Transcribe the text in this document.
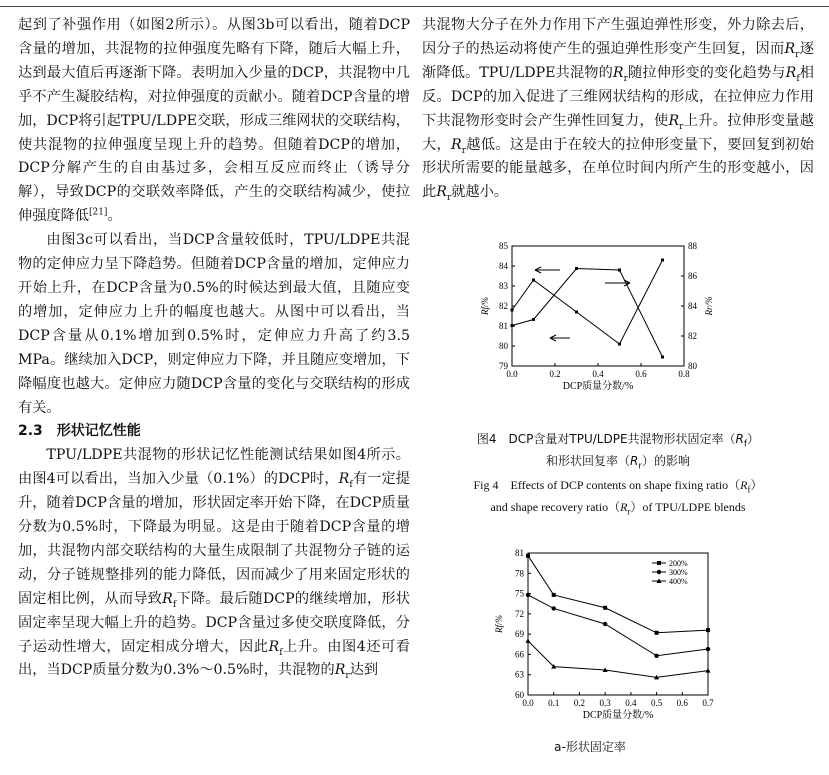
起到了补强作用（如图2所示）。从图3b可以看出，随着DCP含量的增加，共混物的拉伸强度先略有下降，随后大幅上升，达到最大值后再逐渐下降。表明加入少量的DCP，共混物中几乎不产生凝胶结构，对拉伸强度的贡献小。随着DCP含量的增加，DCP将引起TPU/LDPE交联，形成三维网状的交联结构，使共混物的拉伸强度呈现上升的趋势。但随着DCP的增加，DCP分解产生的自由基过多，会相互反应而终止（诱导分解），导致DCP的交联效率降低，产生的交联结构减少，使拉伸强度降低[21]。

由图3c可以看出，当DCP含量较低时，TPU/LDPE共混物的定伸应力呈下降趋势。但随着DCP含量的增加，定伸应力开始上升，在DCP含量为0.5%的时候达到最大值，且随应变的增加，定伸应力上升的幅度也越大。从图中可以看出，当DCP含量从0.1%增加到0.5%时，定伸应力升高了约3.5 MPa。继续加入DCP，则定伸应力下降，并且随应变增加，下降幅度也越大。定伸应力随DCP含量的变化与交联结构的形成有关。

2.3　形状记忆性能

TPU/LDPE共混物的形状记忆性能测试结果如图4所示。由图4可以看出，当加入少量（0.1%）的DCP时，$R_f$有一定提升，随着DCP含量的增加，形状固定率开始下降，在DCP质量分数为0.5%时，下降最为明显。这是由于随着DCP含量的增加，共混物内部交联结构的大量生成限制了共混物分子链的运动，分子链规整排列的能力降低，因而减少了用来固定形状的固定相比例，从而导致$R_f$下降。最后随DCP的继续增加，形状固定率呈现大幅上升的趋势。DCP含量过多使交联度降低，分子运动性增大，固定相成分增大，因此$R_f$上升。由图4还可看出，当DCP质量分数为0.3%～0.5%时，共混物的$R_r$达到

共混物大分子在外力作用下产生强迫弹性形变，外力除去后，因分子的热运动将使产生的强迫弹性形变产生回复，因而$R_r$逐渐降低。TPU/LDPE共混物的$R_r$随拉伸形变的变化趋势与$R_f$相反。DCP的加入促进了三维网状结构的形成，在拉伸应力作用下共混物形变时会产生弹性回复力，使$R_r$上升。拉伸形变量越大，$R_r$越低。这是由于在较大的拉伸形变量下，要回复到初始形状所需要的能量越多，在单位时间内所产生的形变越小，因此$R_r$就越小。

0.0	0.2	0.4	0.6	0.8
79
80
81
82
83
84
85
80
82
84
86
88
DCP质量分数/%
Rf/%	Rr/%
图4　DCP含量对TPU/LDPE共混物形状固定率$(R_f)$
和形状回复率$(R_r)$的影响
Fig 4　Effects of DCP contents on shape fixing $ratio(R_f)$
and shape recovery $ratio(R_r)of$ TPU/LDPE blends
0.0 0.1 0.2 0.3 0.4 0.5 0.6 0.7
60
63
66
69
72
75
78
81
DCP质量分数/%
Rf/%
200%
300%
400%
a-形状固定率
